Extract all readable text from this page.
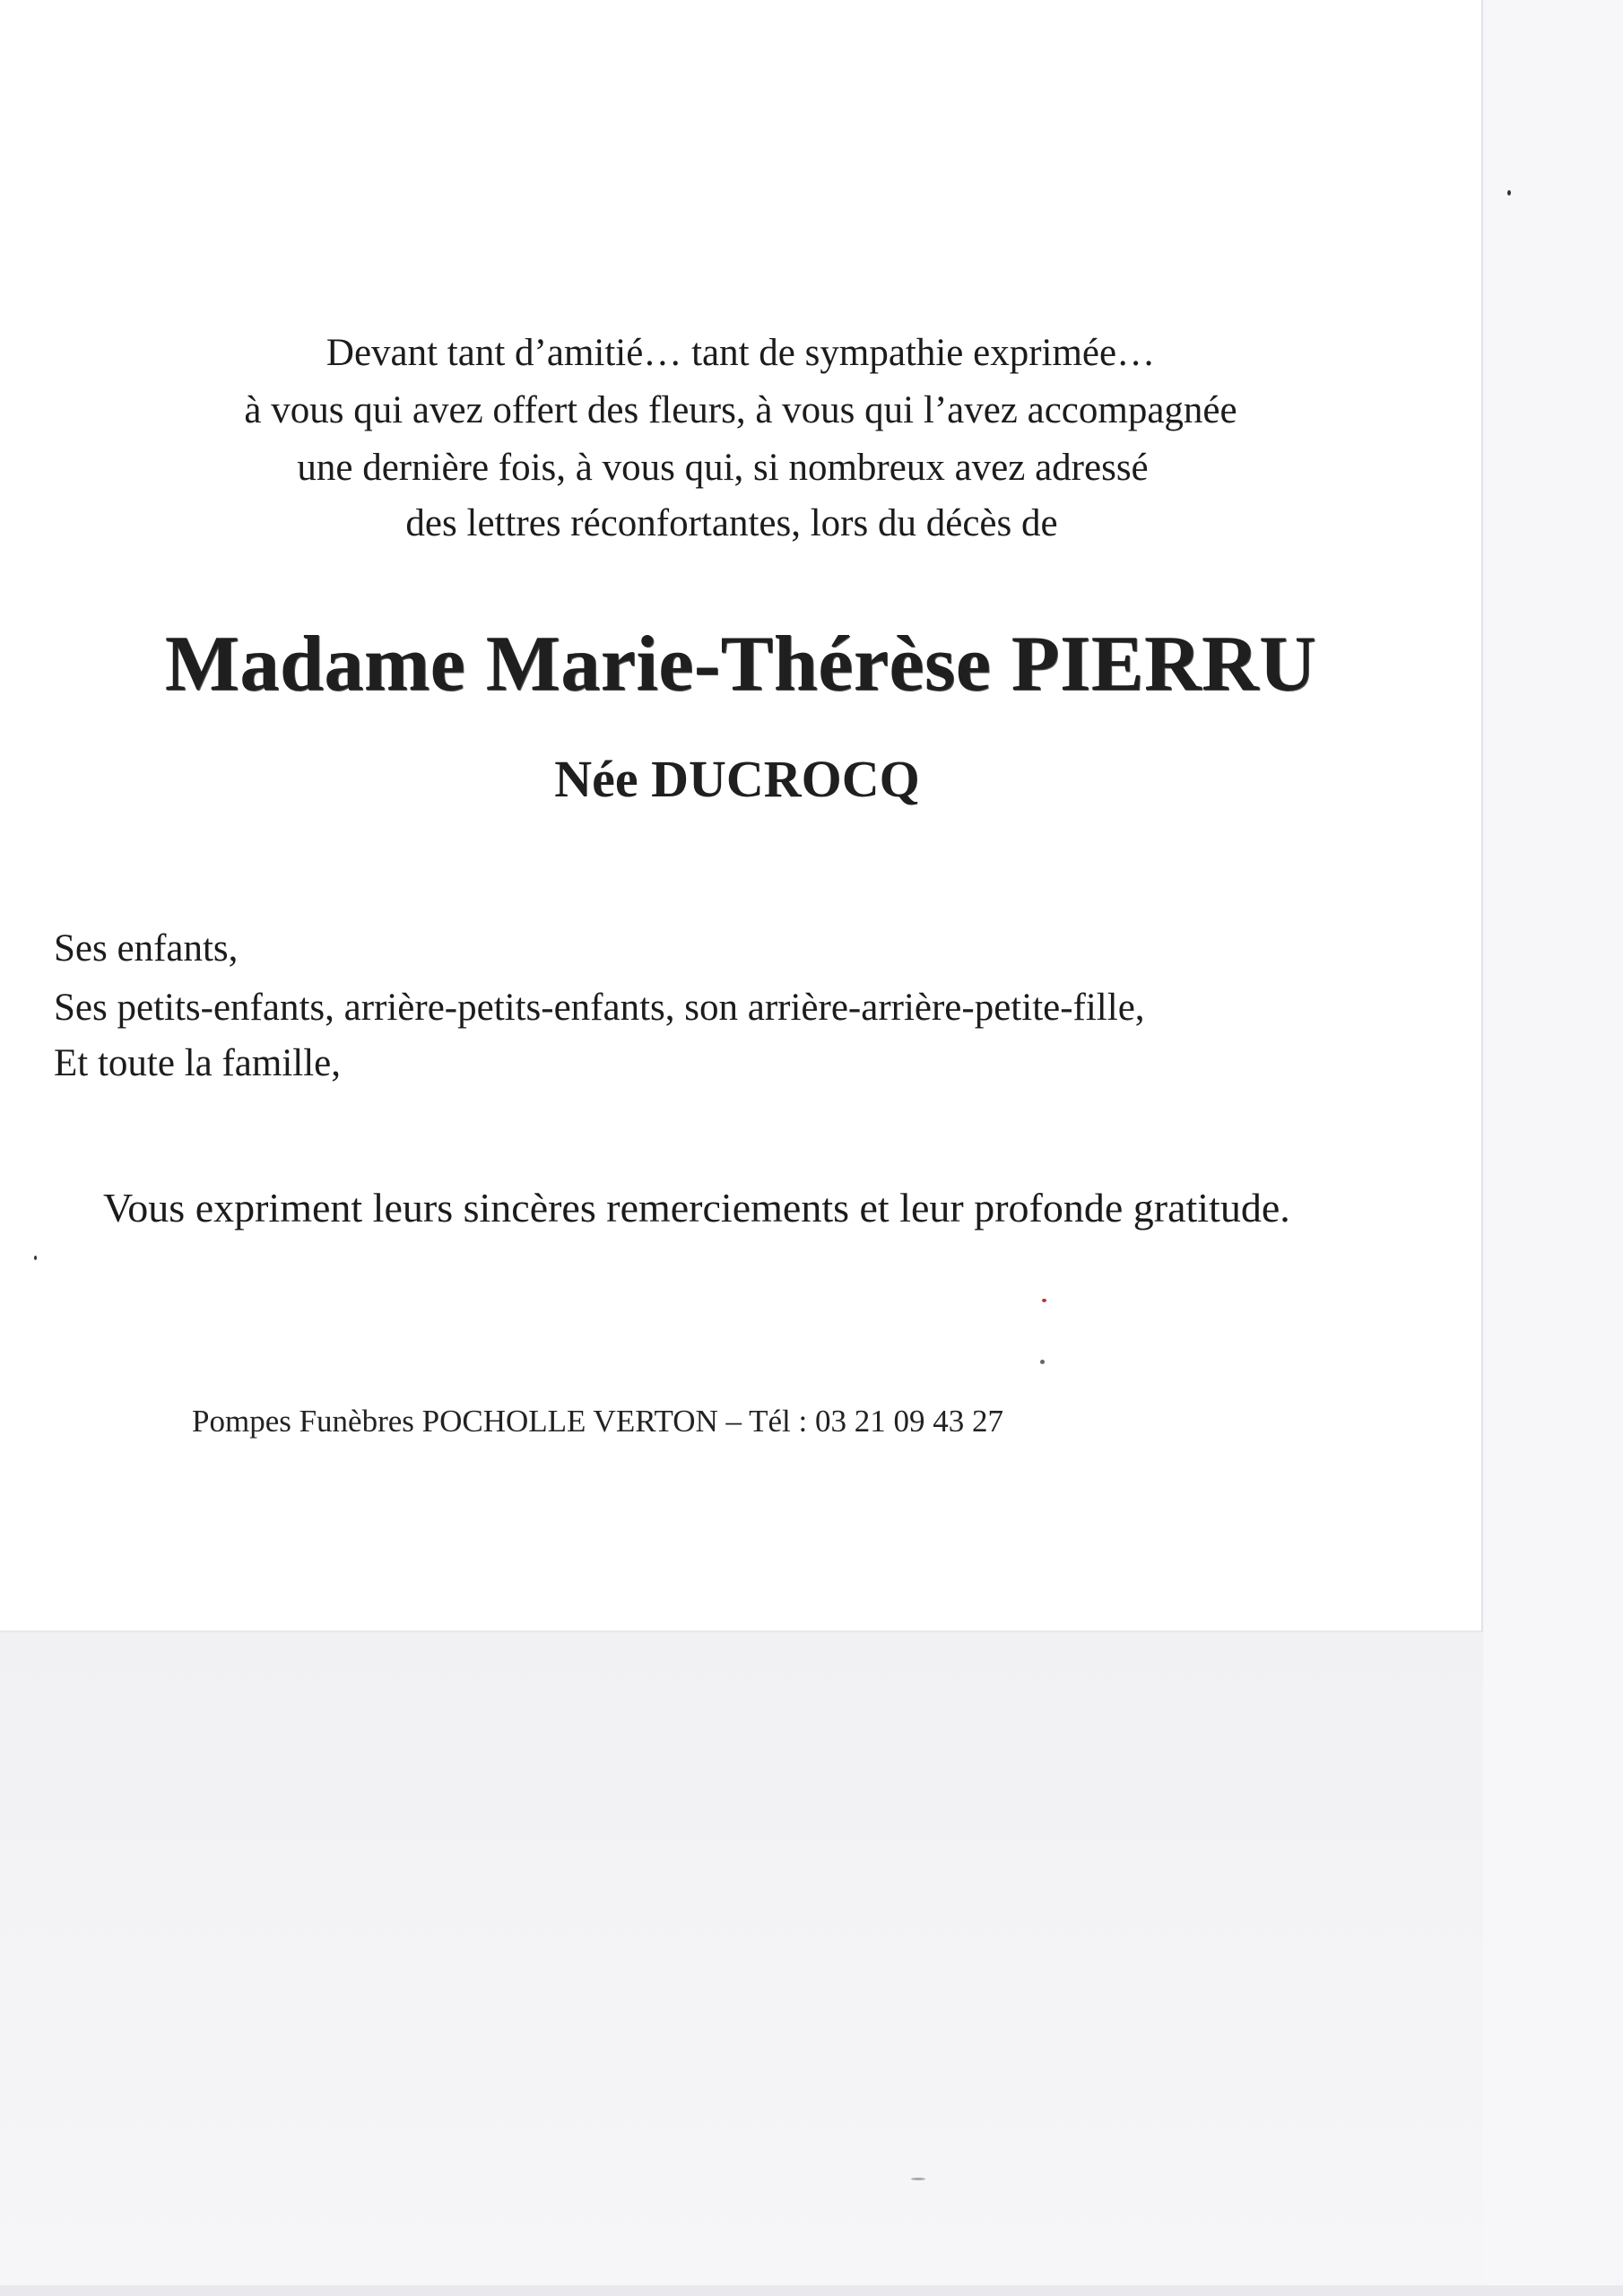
Devant tant d’amitié… tant de sympathie exprimée…

à vous qui avez offert des fleurs, à vous qui l’avez accompagnée

une dernière fois, à vous qui, si nombreux avez adressé

des lettres réconfortantes, lors du décès de

Madame Marie-Thérèse PIERRU

Née DUCROCQ

Ses enfants,

Ses petits-enfants, arrière-petits-enfants, son arrière-arrière-petite-fille,

Et toute la famille,

Vous expriment leurs sincères remerciements et leur profonde gratitude.

Pompes Funèbres POCHOLLE VERTON – Tél : 03 21 09 43 27
